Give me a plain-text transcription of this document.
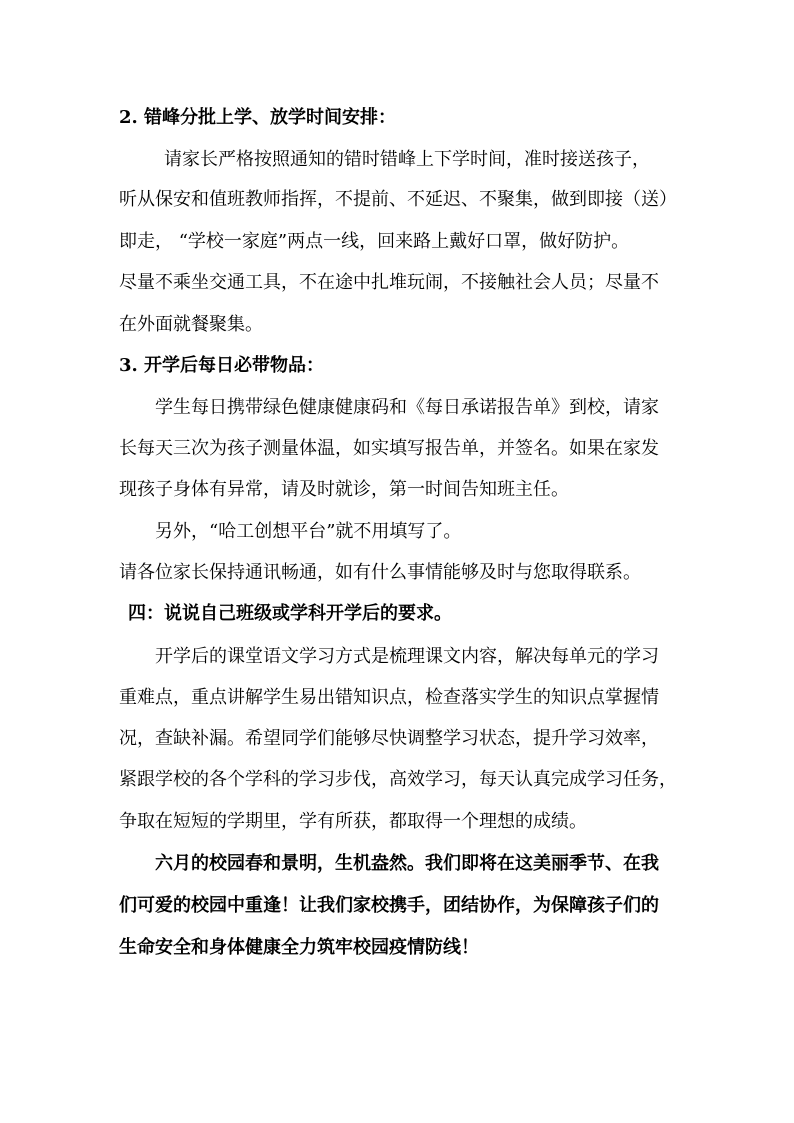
2. 错峰分批上学、放学时间安排：
请家长严格按照通知的错时错峰上下学时间，准时接送孩子，
听从保安和值班教师指挥，不提前、不延迟、不聚集，做到即接（送）
即走， “学校一家庭”两点一线，回来路上戴好口罩，做好防护。
尽量不乘坐交通工具，不在途中扎堆玩闹，不接触社会人员；尽量不
在外面就餐聚集。
3. 开学后每日必带物品：
学生每日携带绿色健康健康码和《每日承诺报告单》到校，请家
长每天三次为孩子测量体温，如实填写报告单，并签名。如果在家发
现孩子身体有异常，请及时就诊，第一时间告知班主任。
另外，“哈工创想平台”就不用填写了。
请各位家长保持通讯畅通，如有什么事情能够及时与您取得联系。
四：说说自己班级或学科开学后的要求。
开学后的课堂语文学习方式是梳理课文内容，解决每单元的学习
重难点，重点讲解学生易出错知识点，检查落实学生的知识点掌握情
况，查缺补漏。希望同学们能够尽快调整学习状态，提升学习效率，
紧跟学校的各个学科的学习步伐，高效学习，每天认真完成学习任务，
争取在短短的学期里，学有所获，都取得一个理想的成绩。
六月的校园春和景明，生机盎然。我们即将在这美丽季节、在我
们可爱的校园中重逢！让我们家校携手，团结协作，为保障孩子们的
生命安全和身体健康全力筑牢校园疫情防线！
